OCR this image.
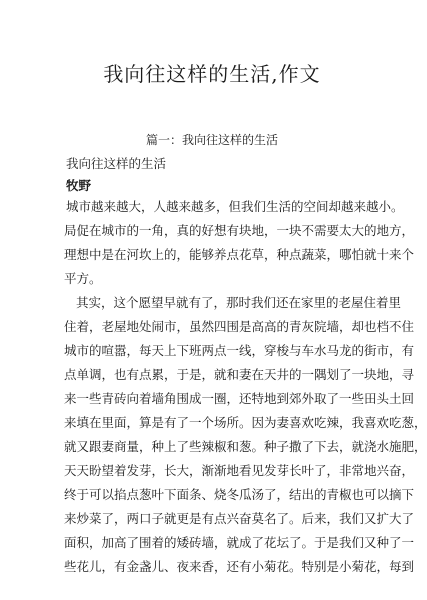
我向往这样的生活,作文
篇一：我向往这样的生活
我向往这样的生活
牧野
城市越来越大，人越来越多，但我们生活的空间却越来越小。
局促在城市的一角，真的好想有块地，一块不需要太大的地方，
理想中是在河坎上的，能够养点花草，种点蔬菜，哪怕就十来个
平方。
其实，这个愿望早就有了，那时我们还在家里的老屋住着里
住着，老屋地处闹市，虽然四围是高高的青灰院墙，却也档不住
城市的喧嚣，每天上下班两点一线，穿梭与车水马龙的街市，有
点单调，也有点累，于是，就和妻在天井的一隅划了一块地，寻
来一些青砖向着墙角围成一圈，还特地到郊外取了一些田头土回
来填在里面，算是有了一个场所。因为妻喜欢吃辣，我喜欢吃葱，
就又跟妻商量，种上了些辣椒和葱。种子撒了下去，就浇水施肥，
天天盼望着发芽，长大，渐渐地看见发芽长叶了，非常地兴奋，
终于可以掐点葱叶下面条、烧冬瓜汤了，结出的青椒也可以摘下
来炒菜了，两口子就更是有点兴奋莫名了。后来，我们又扩大了
面积，加高了围着的矮砖墙，就成了花坛了。于是我们又种了一
些花儿，有金盏儿、夜来香，还有小菊花。特别是小菊花，每到
